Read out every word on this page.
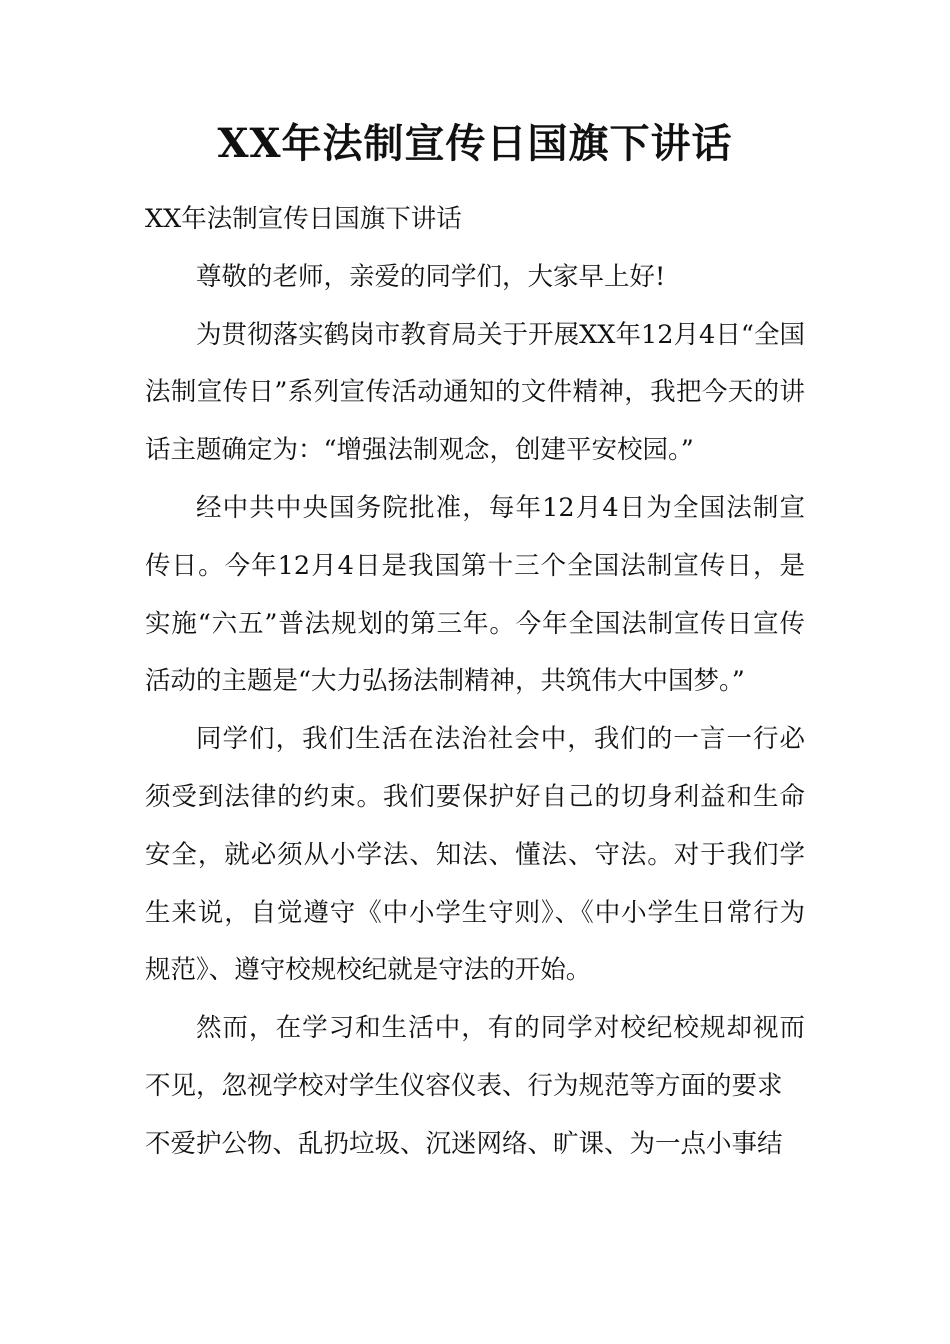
XX年法制宣传日国旗下讲话

XX年法制宣传日国旗下讲话

尊敬的老师，亲爱的同学们，大家早上好!

为贯彻落实鹤岗市教育局关于开展XX年12月4日“全国法制宣传日”系列宣传活动通知的文件精神，我把今天的讲话主题确定为：“增强法制观念，创建平安校园。”

经中共中央国务院批准，每年12月4日为全国法制宣传日。今年12月4日是我国第十三个全国法制宣传日，是实施“六五”普法规划的第三年。今年全国法制宣传日宣传活动的主题是“大力弘扬法制精神，共筑伟大中国梦。”

同学们，我们生活在法治社会中，我们的一言一行必须受到法律的约束。我们要保护好自己的切身利益和生命安全，就必须从小学法、知法、懂法、守法。对于我们学生来说，自觉遵守《中小学生守则》、《中小学生日常行为规范》、遵守校规校纪就是守法的开始。

然而，在学习和生活中，有的同学对校纪校规却视而不见，忽视学校对学生仪容仪表、行为规范等方面的要求

不爱护公物、乱扔垃圾、沉迷网络、旷课、为一点小事结
